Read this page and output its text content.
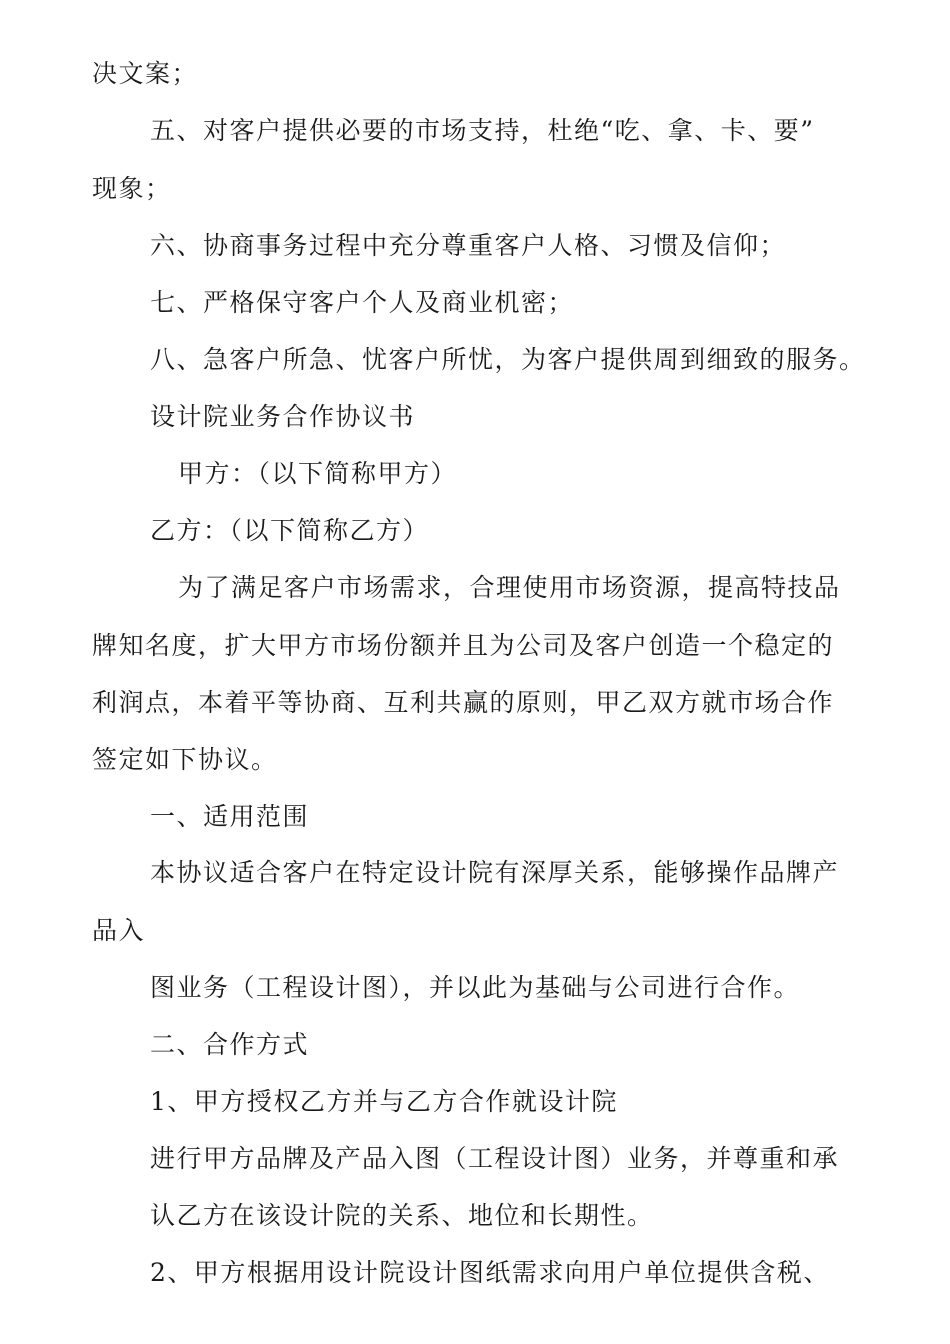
决文案；
五、对客户提供必要的市场支持，杜绝“吃、拿、卡、要”
现象；
六、协商事务过程中充分尊重客户人格、习惯及信仰；
七、严格保守客户个人及商业机密；
八、急客户所急、忧客户所忧，为客户提供周到细致的服务。
设计院业务合作协议书
甲方：（以下简称甲方）
乙方：（以下简称乙方）
为了满足客户市场需求，合理使用市场资源，提高特技品
牌知名度，扩大甲方市场份额并且为公司及客户创造一个稳定的
利润点，本着平等协商、互利共赢的原则，甲乙双方就市场合作
签定如下协议。
一、适用范围
本协议适合客户在特定设计院有深厚关系，能够操作品牌产
品入
图业务（工程设计图），并以此为基础与公司进行合作。
二、合作方式
1、甲方授权乙方并与乙方合作就设计院
进行甲方品牌及产品入图（工程设计图）业务，并尊重和承
认乙方在该设计院的关系、地位和长期性。
2、甲方根据用设计院设计图纸需求向用户单位提供含税、
